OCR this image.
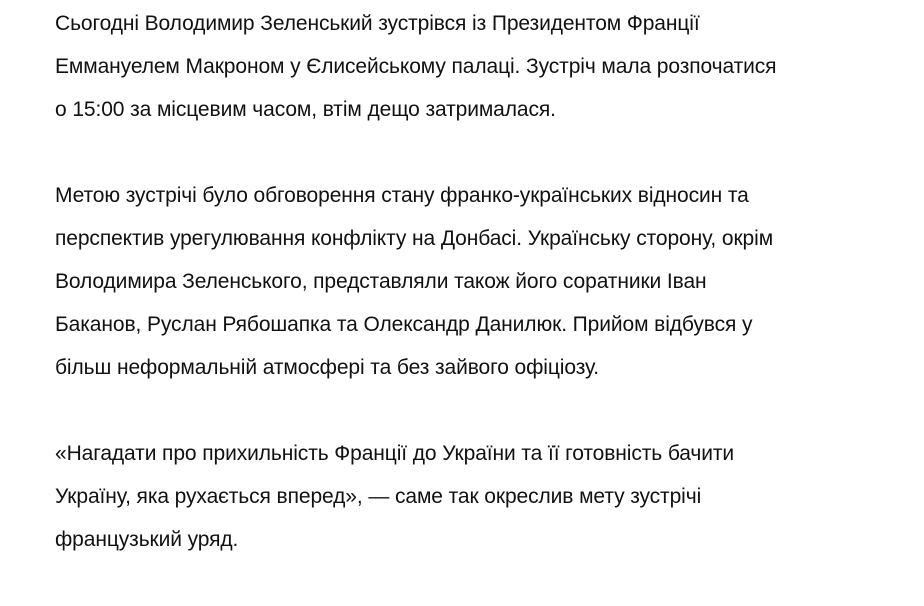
Сьогодні Володимир Зеленський зустрівся із Президентом Франції
Еммануелем Макроном у Єлисейському палаці. Зустріч мала розпочатися
о 15:00 за місцевим часом, втім дещо затрималася.

Метою зустрічі було обговорення стану франко-українських відносин та
перспектив урегулювання конфлікту на Донбасі. Українську сторону, окрім
Володимира Зеленського, представляли також його соратники Іван
Баканов, Руслан Рябошапка та Олександр Данилюк. Прийом відбувся у
більш неформальній атмосфері та без зайвого офіціозу.

«Нагадати про прихильність Франції до України та її готовність бачити
Україну, яка рухається вперед», — саме так окреслив мету зустрічі
французький уряд.
